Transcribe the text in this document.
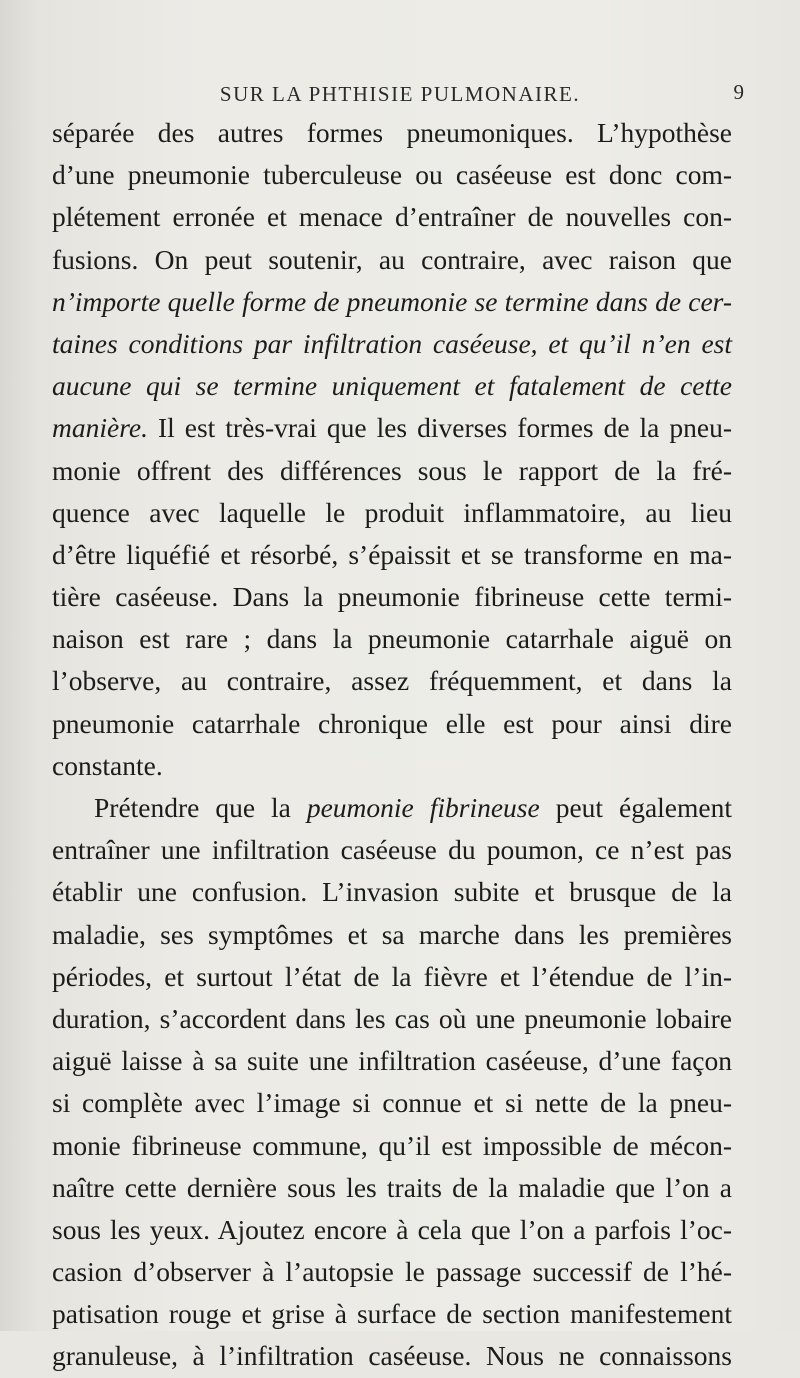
SUR LA PHTHISIE PULMONAIRE.	9
séparée des autres formes pneumoniques. L’hypothèse
d’une pneumonie tuberculeuse ou caséeuse est donc com-
plétement erronée et menace d’entraîner de nouvelles con-
fusions. On peut soutenir, au contraire, avec raison que
n’importe quelle forme de pneumonie se termine dans de cer-
taines conditions par infiltration caséeuse, et qu’il n’en est
aucune qui se termine uniquement et fatalement de cette
manière. Il est très-vrai que les diverses formes de la pneu-
monie offrent des différences sous le rapport de la fré-
quence avec laquelle le produit inflammatoire, au lieu
d’être liquéfié et résorbé, s’épaissit et se transforme en ma-
tière caséeuse. Dans la pneumonie fibrineuse cette termi-
naison est rare ; dans la pneumonie catarrhale aiguë on
l’observe, au contraire, assez fréquemment, et dans la
pneumonie catarrhale chronique elle est pour ainsi dire
constante.
Prétendre que la peumonie fibrineuse peut également
entraîner une infiltration caséeuse du poumon, ce n’est pas
établir une confusion. L’invasion subite et brusque de la
maladie, ses symptômes et sa marche dans les premières
périodes, et surtout l’état de la fièvre et l’étendue de l’in-
duration, s’accordent dans les cas où une pneumonie lobaire
aiguë laisse à sa suite une infiltration caséeuse, d’une façon
si complète avec l’image si connue et si nette de la pneu-
monie fibrineuse commune, qu’il est impossible de mécon-
naître cette dernière sous les traits de la maladie que l’on a
sous les yeux. Ajoutez encore à cela que l’on a parfois l’oc-
casion d’observer à l’autopsie le passage successif de l’hé-
patisation rouge et grise à surface de section manifestement
granuleuse, à l’infiltration caséeuse. Nous ne connaissons
